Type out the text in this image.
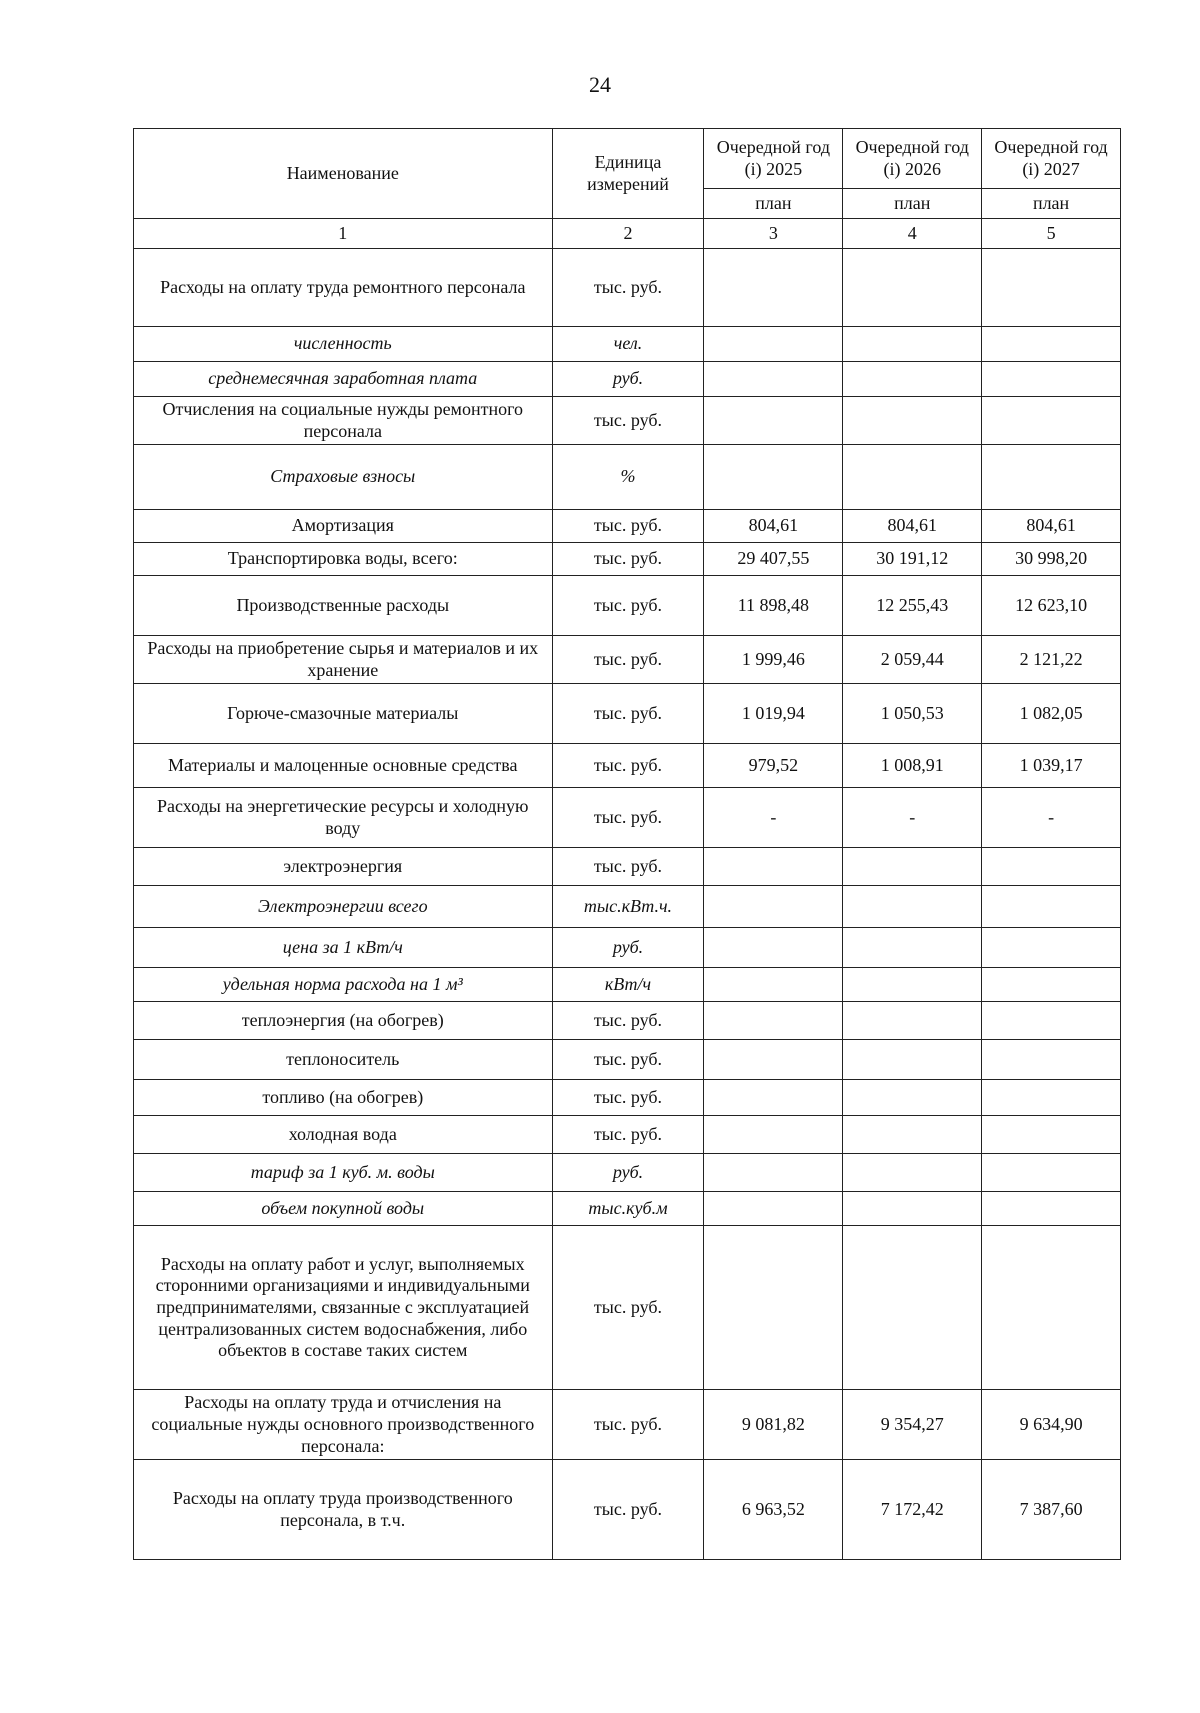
24
Наименование	Единица измерений	Очередной год (i) 2025	Очередной год (i) 2026	Очередной год (i) 2027
		план	план	план
1	2	3	4	5
Расходы на оплату труда ремонтного персонала	тыс. руб.			
численность	чел.			
среднемесячная заработная плата	руб.			
Отчисления на социальные нужды ремонтного персонала	тыс. руб.			
Страховые взносы	%			
Амортизация	тыс. руб.	804,61	804,61	804,61
Транспортировка воды, всего:	тыс. руб.	29 407,55	30 191,12	30 998,20
Производственные расходы	тыс. руб.	11 898,48	12 255,43	12 623,10
Расходы на приобретение сырья и материалов и их хранение	тыс. руб.	1 999,46	2 059,44	2 121,22
Горюче-смазочные материалы	тыс. руб.	1 019,94	1 050,53	1 082,05
Материалы и малоценные основные средства	тыс. руб.	979,52	1 008,91	1 039,17
Расходы на энергетические ресурсы и холодную воду	тыс. руб.	-	-	-
электроэнергия	тыс. руб.			
Электроэнергии всего	тыс.кВт.ч.			
цена за 1 кВт/ч	руб.			
удельная норма расхода на 1 м³	кВт/ч			
теплоэнергия (на обогрев)	тыс. руб.			
теплоноситель	тыс. руб.			
топливо (на обогрев)	тыс. руб.			
холодная вода	тыс. руб.			
тариф за 1 куб. м. воды	руб.			
объем покупной воды	тыс.куб.м			
Расходы на оплату работ и услуг, выполняемых сторонними организациями и индивидуальными предпринимателями, связанные с эксплуатацией централизованных систем водоснабжения, либо объектов в составе таких систем	тыс. руб.			
Расходы на оплату труда и отчисления на социальные нужды основного производственного персонала:	тыс. руб.	9 081,82	9 354,27	9 634,90
Расходы на оплату труда производственного персонала, в т.ч.	тыс. руб.	6 963,52	7 172,42	7 387,60
